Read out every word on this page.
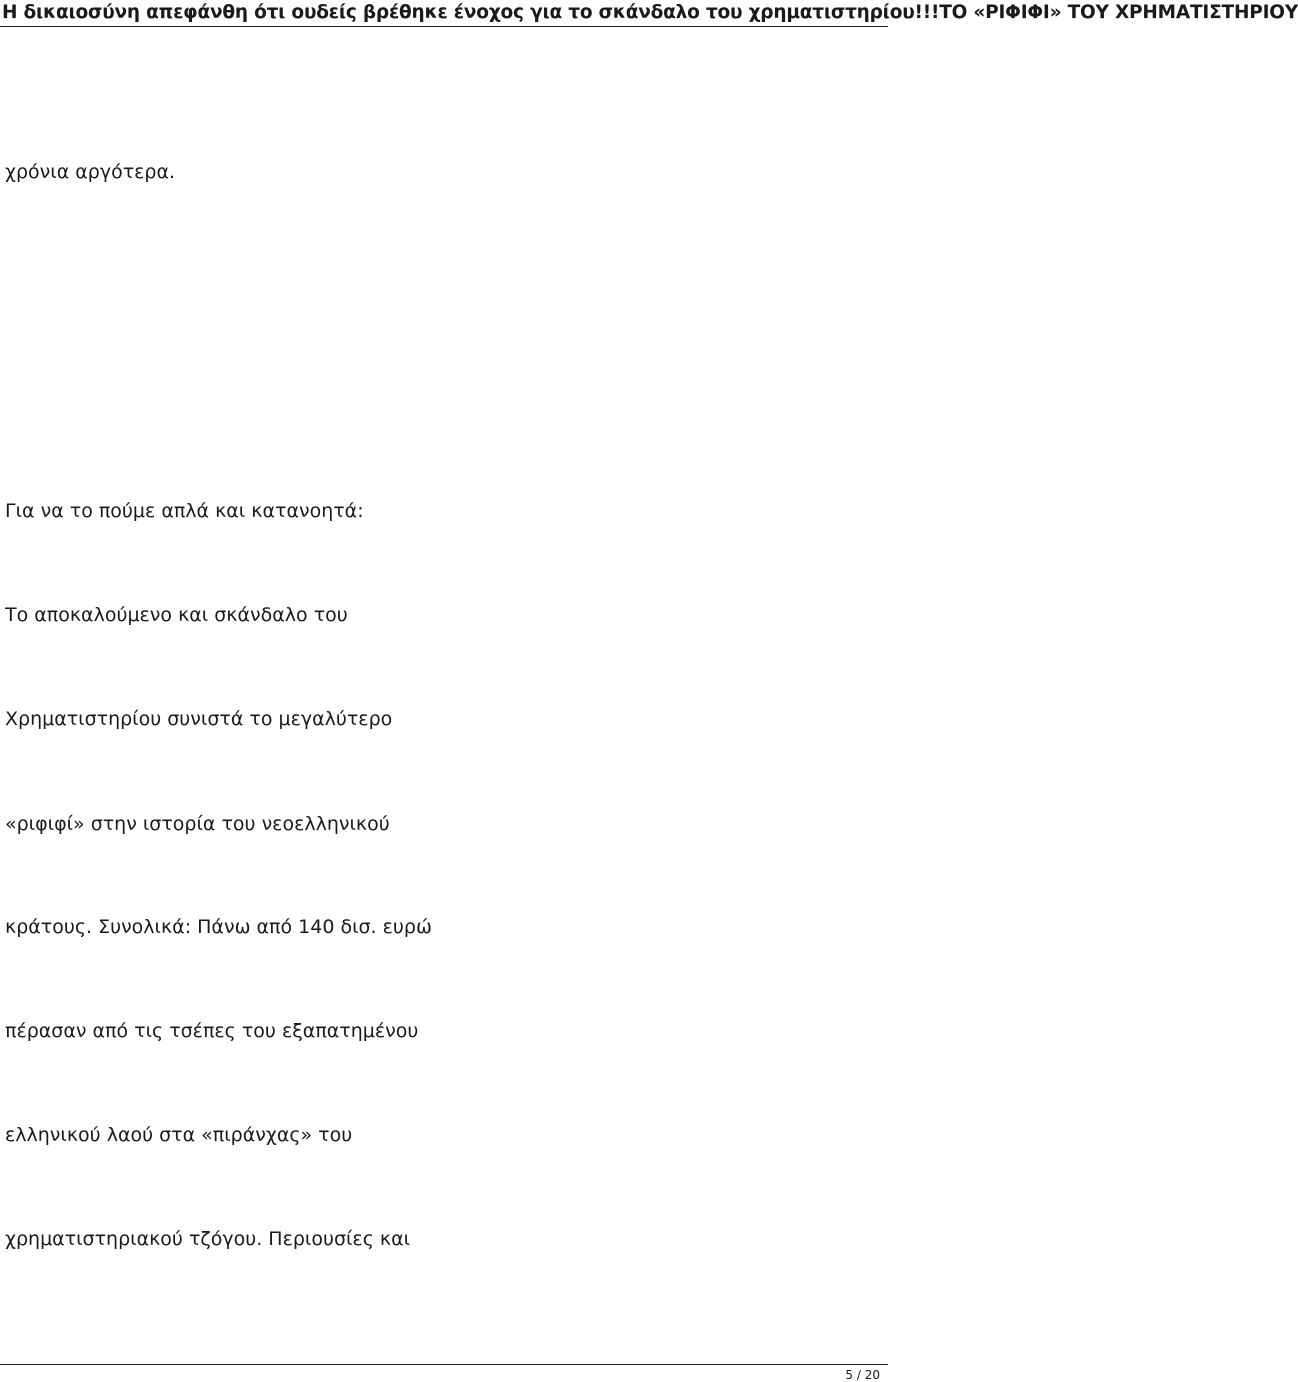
Η δικαιοσύνη απεφάνθη ότι ουδείς βρέθηκε ένοχος για το σκάνδαλο του χρηματιστηρίου!!!ΤΟ «ΡΙΦΙΦΙ» ΤΟΥ ΧΡΗΜΑΤΙΣΤΗΡΙΟΥ
χρόνια αργότερα.
Για να το πούμε απλά και κατανοητά:
Το αποκαλούμενο και σκάνδαλο του
Χρηματιστηρίου συνιστά το μεγαλύτερο
«ριφιφί» στην ιστορία του νεοελληνικού
κράτους. Συνολικά: Πάνω από 140 δισ. ευρώ
πέρασαν από τις τσέπες του εξαπατημένου
ελληνικού λαού στα «πιράνχας» του
χρηματιστηριακού τζόγου. Περιουσίες και
5 / 20
